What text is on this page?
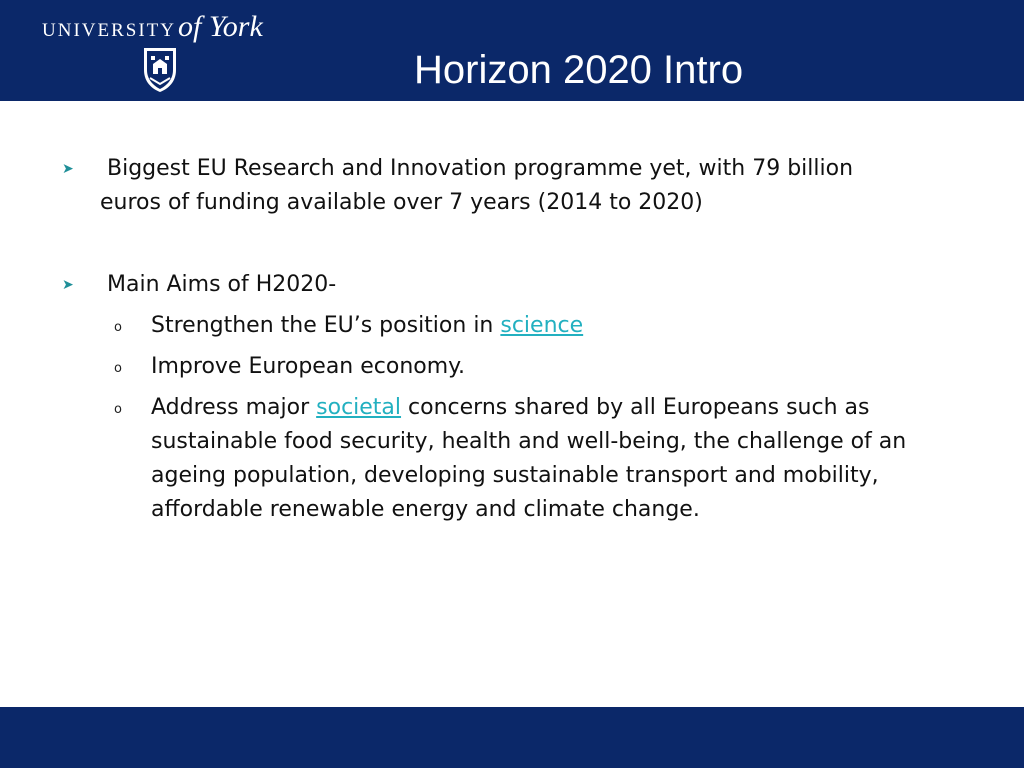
UNIVERSITYof York
Horizon 2020 Intro
➤	Biggest EU Research and Innovation programme yet, with 79 billion euros of funding available over 7 years (2014 to 2020)
➤ Main Aims of H2020-
o Strengthen the EU’s position in science
o Improve European economy.
o Address major societal concerns shared by all Europeans such as sustainable food security, health and well-being, the challenge of an ageing population, developing sustainable transport and mobility, affordable renewable energy and climate change.
